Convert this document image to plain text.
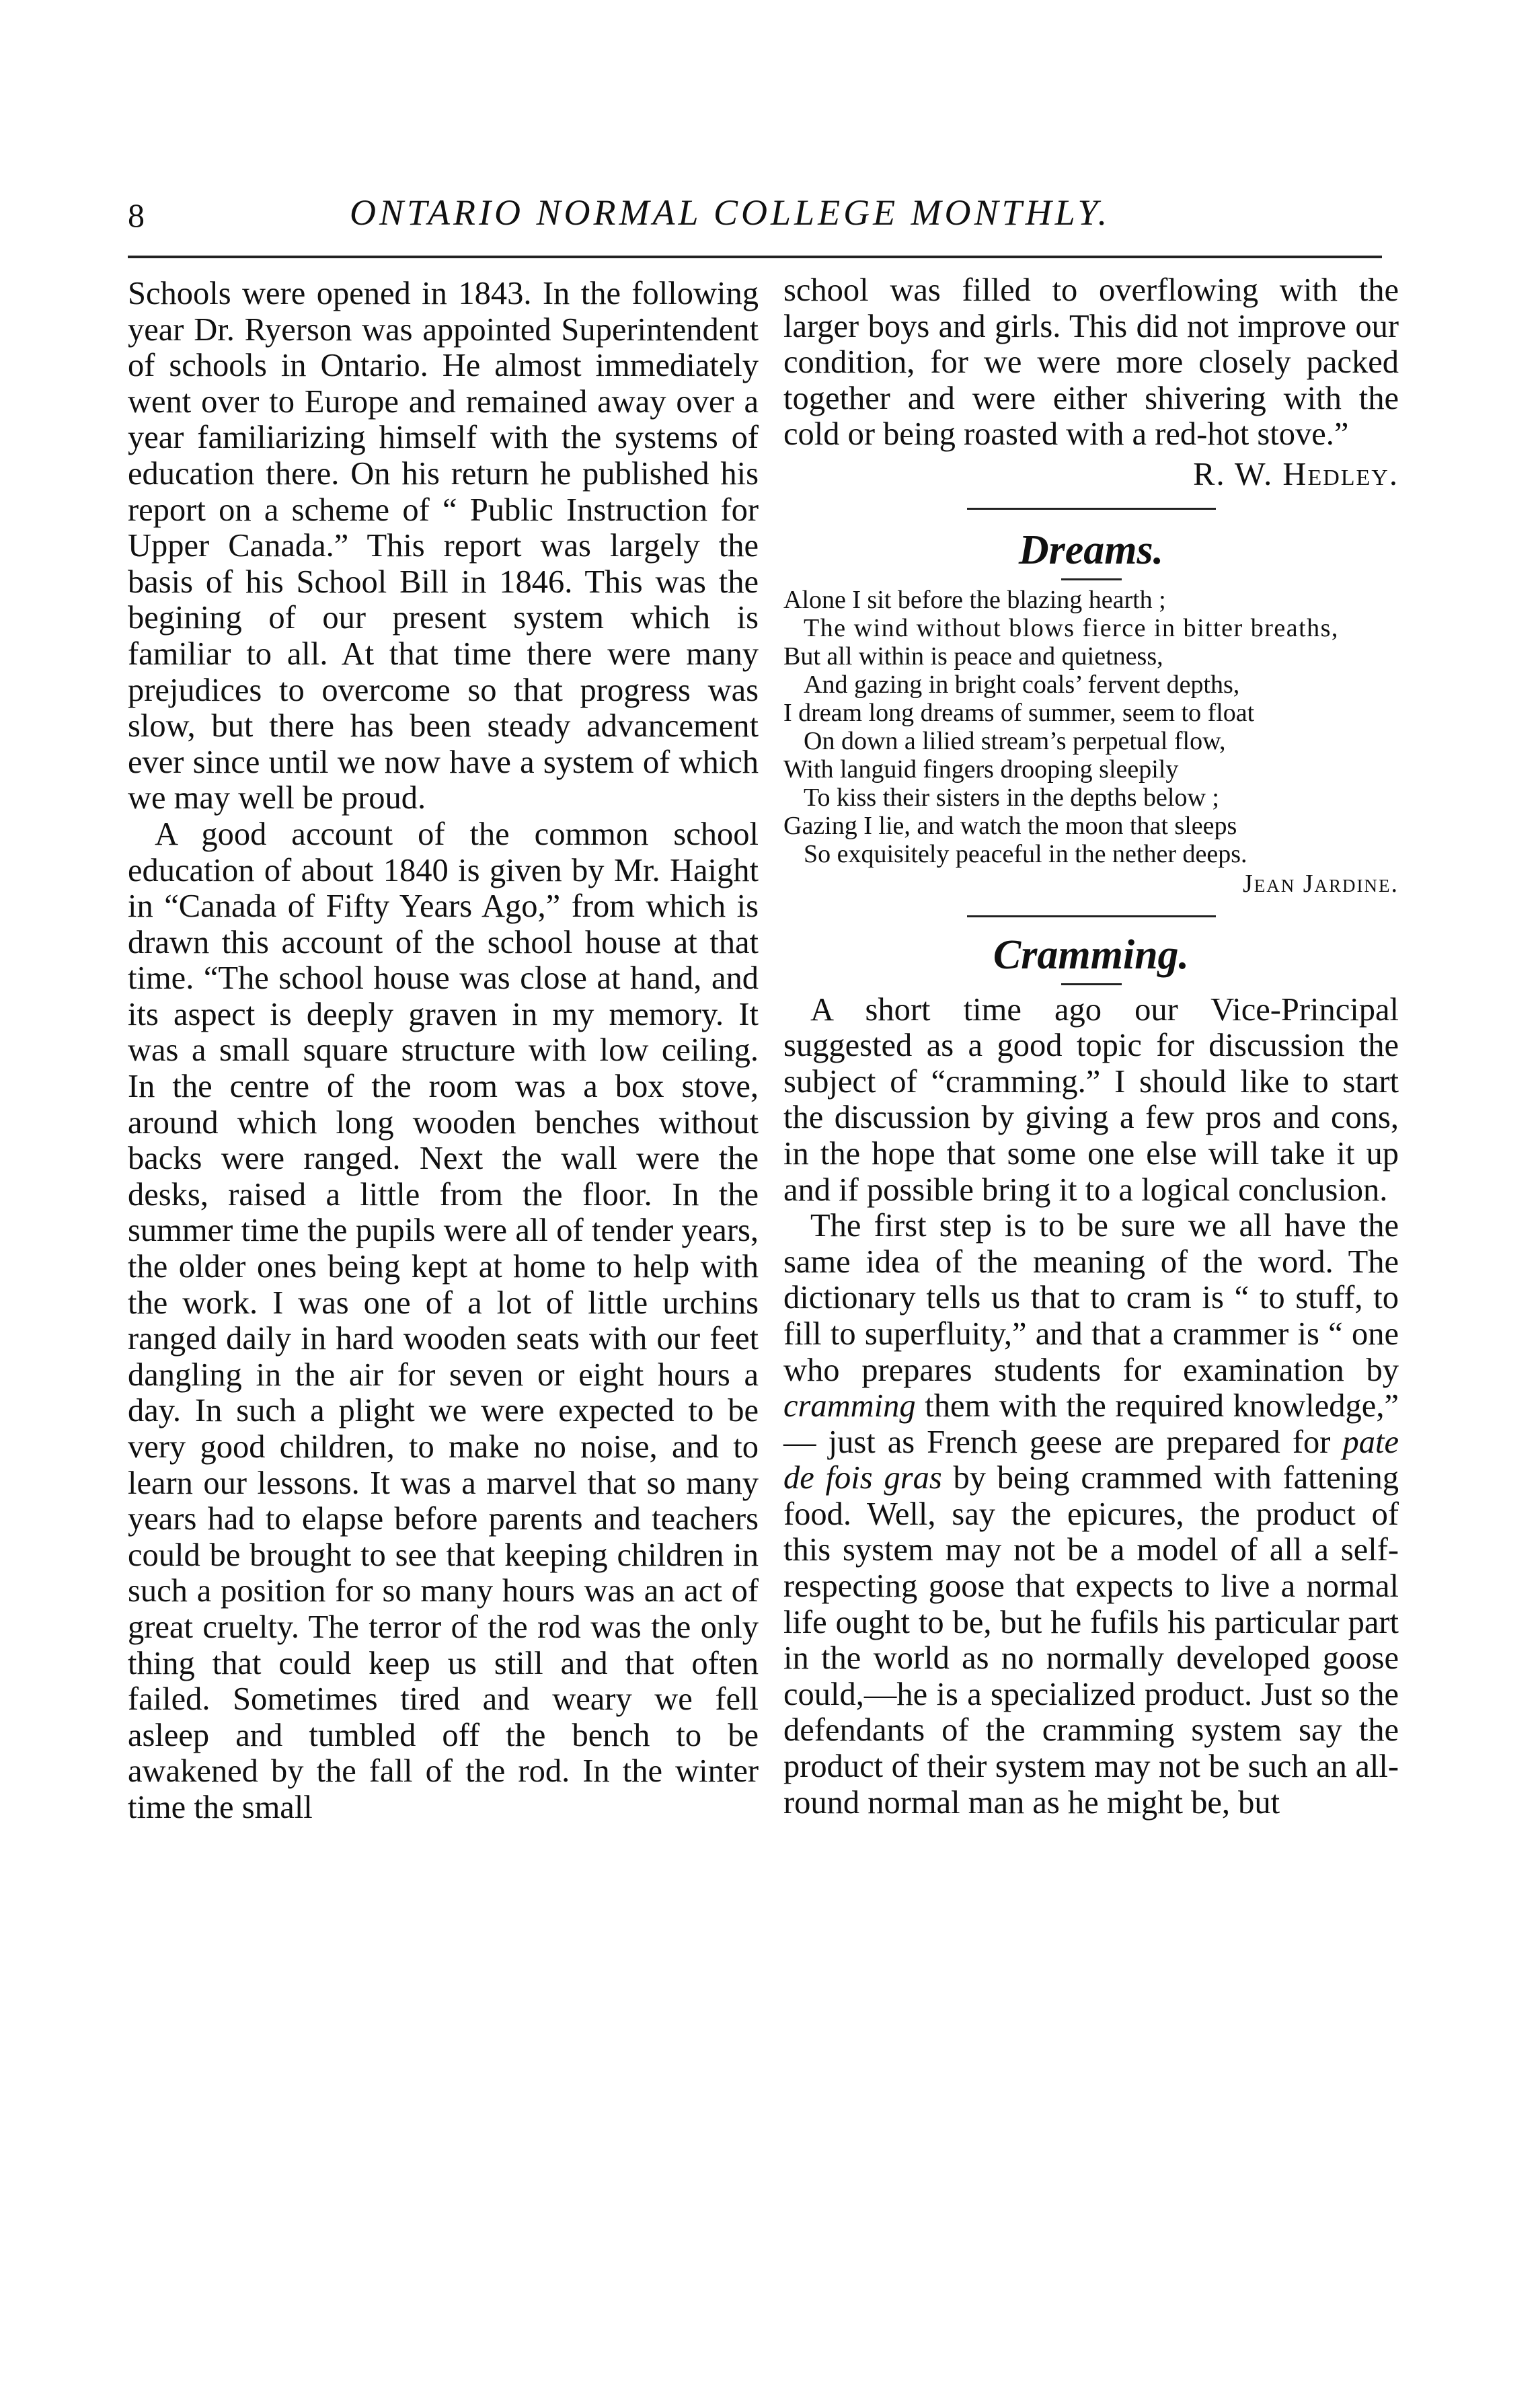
8	ONTARIO NORMAL COLLEGE MONTHLY.

Schools were opened in 1843. In the following year Dr. Ryerson was appointed Superintendent of schools in Ontario. He almost immediately went over to Europe and remained away over a year familiarizing himself with the systems of education there. On his return he published his report on a scheme of “ Public Instruction for Upper Canada.” This report was largely the basis of his School Bill in 1846. This was the begining of our present system which is familiar to all. At that time there were many prejudices to overcome so that progress was slow, but there has been steady advancement ever since until we now have a system of which we may well be proud.

A good account of the common school education of about 1840 is given by Mr. Haight in “Canada of Fifty Years Ago,” from which is drawn this account of the school house at that time. “The school house was close at hand, and its aspect is deeply graven in my memory. It was a small square structure with low ceiling. In the centre of the room was a box stove, around which long wooden benches without backs were ranged. Next the wall were the desks, raised a little from the floor. In the summer time the pupils were all of tender years, the older ones being kept at home to help with the work. I was one of a lot of little urchins ranged daily in hard wooden seats with our feet dangling in the air for seven or eight hours a day. In such a plight we were expected to be very good children, to make no noise, and to learn our lessons. It was a marvel that so many years had to elapse before parents and teachers could be brought to see that keeping children in such a position for so many hours was an act of great cruelty. The terror of the rod was the only thing that could keep us still and that often failed. Sometimes tired and weary we fell asleep and tumbled off the bench to be awakened by the fall of the rod. In the winter time the small

school was filled to overflowing with the larger boys and girls. This did not improve our condition, for we were more closely packed together and were either shivering with the cold or being roasted with a red-hot stove.”

R. W. Hedley.

Dreams.
Alone I sit before the blazing hearth ;
The wind without blows fierce in bitter breaths,
But all within is peace and quietness,
And gazing in bright coals’ fervent depths,
I dream long dreams of summer, seem to float
On down a lilied stream’s perpetual flow,
With languid fingers drooping sleepily
To kiss their sisters in the depths below ;
Gazing I lie, and watch the moon that sleeps
So exquisitely peaceful in the nether deeps.
Jean Jardine.
Cramming.

A short time ago our Vice-Principal suggested as a good topic for discussion the subject of “cramming.” I should like to start the discussion by giving a few pros and cons, in the hope that some one else will take it up and if possible bring it to a logical conclusion.

The first step is to be sure we all have the same idea of the meaning of the word. The dictionary tells us that to cram is “ to stuff, to fill to superfluity,” and that a crammer is “ one who prepares students for examination by cramming them with the required knowledge,” — just as French geese are prepared for pate de fois gras by being crammed with fattening food. Well, say the epicures, the product of this system may not be a model of all a self-respecting goose that expects to live a normal life ought to be, but he fufils his particular part in the world as no normally developed goose could,—he is a specialized product. Just so the defendants of the cramming system say the product of their system may not be such an all-round normal man as he might be, but
